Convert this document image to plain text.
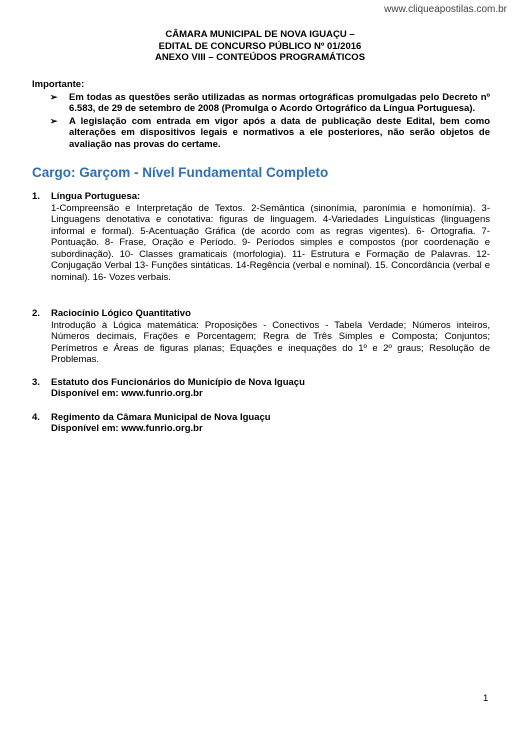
www.cliqueapostilas.com.br
CÂMARA MUNICIPAL DE NOVA IGUAÇU –
EDITAL DE CONCURSO PÚBLICO Nº 01/2016
ANEXO VIII – CONTEÚDOS PROGRAMÁTICOS
Importante:
➢	Em todas as questões serão utilizadas as normas ortográficas promulgadas pelo Decreto nº 6.583, de 29 de setembro de 2008 (Promulga o Acordo Ortográfico da Língua Portuguesa).
➢	A legislação com entrada em vigor após a data de publicação deste Edital, bem como alterações em dispositivos legais e normativos a ele posteriores, não serão objetos de avaliação nas provas do certame.
Cargo: Garçom - Nível Fundamental Completo
1.	Língua Portuguesa:
1-Compreensão e Interpretação de Textos. 2-Semântica (sinonímia, paronímia e homonímia). 3-Linguagens denotativa e conotativa: figuras de linguagem. 4-Variedades Linguísticas (linguagens informal e formal). 5-Acentuação Gráfica (de acordo com as regras vigentes). 6- Ortografia. 7-Pontuação. 8- Frase, Oração e Período. 9- Períodos simples e compostos (por coordenação e subordinação). 10- Classes gramaticais (morfologia). 11- Estrutura e Formação de Palavras. 12-Conjugação Verbal 13- Funções sintáticas. 14-Regência (verbal e nominal). 15. Concordância (verbal e nominal). 16- Vozes verbais.
2.	Raciocínio Lógico Quantitativo
Introdução à Lógica matemática: Proposições - Conectivos - Tabela Verdade; Números inteiros, Números decimais, Frações e Porcentagem; Regra de Três Simples e Composta; Conjuntos; Perímetros e Áreas de figuras planas; Equações e inequações do 1º e 2º graus; Resolução de Problemas.
3.	Estatuto dos Funcionários do Município de Nova Iguaçu
Disponível em: www.funrio.org.br
4.	Regimento da Câmara Municipal de Nova Iguaçu
Disponível em: www.funrio.org.br
1
